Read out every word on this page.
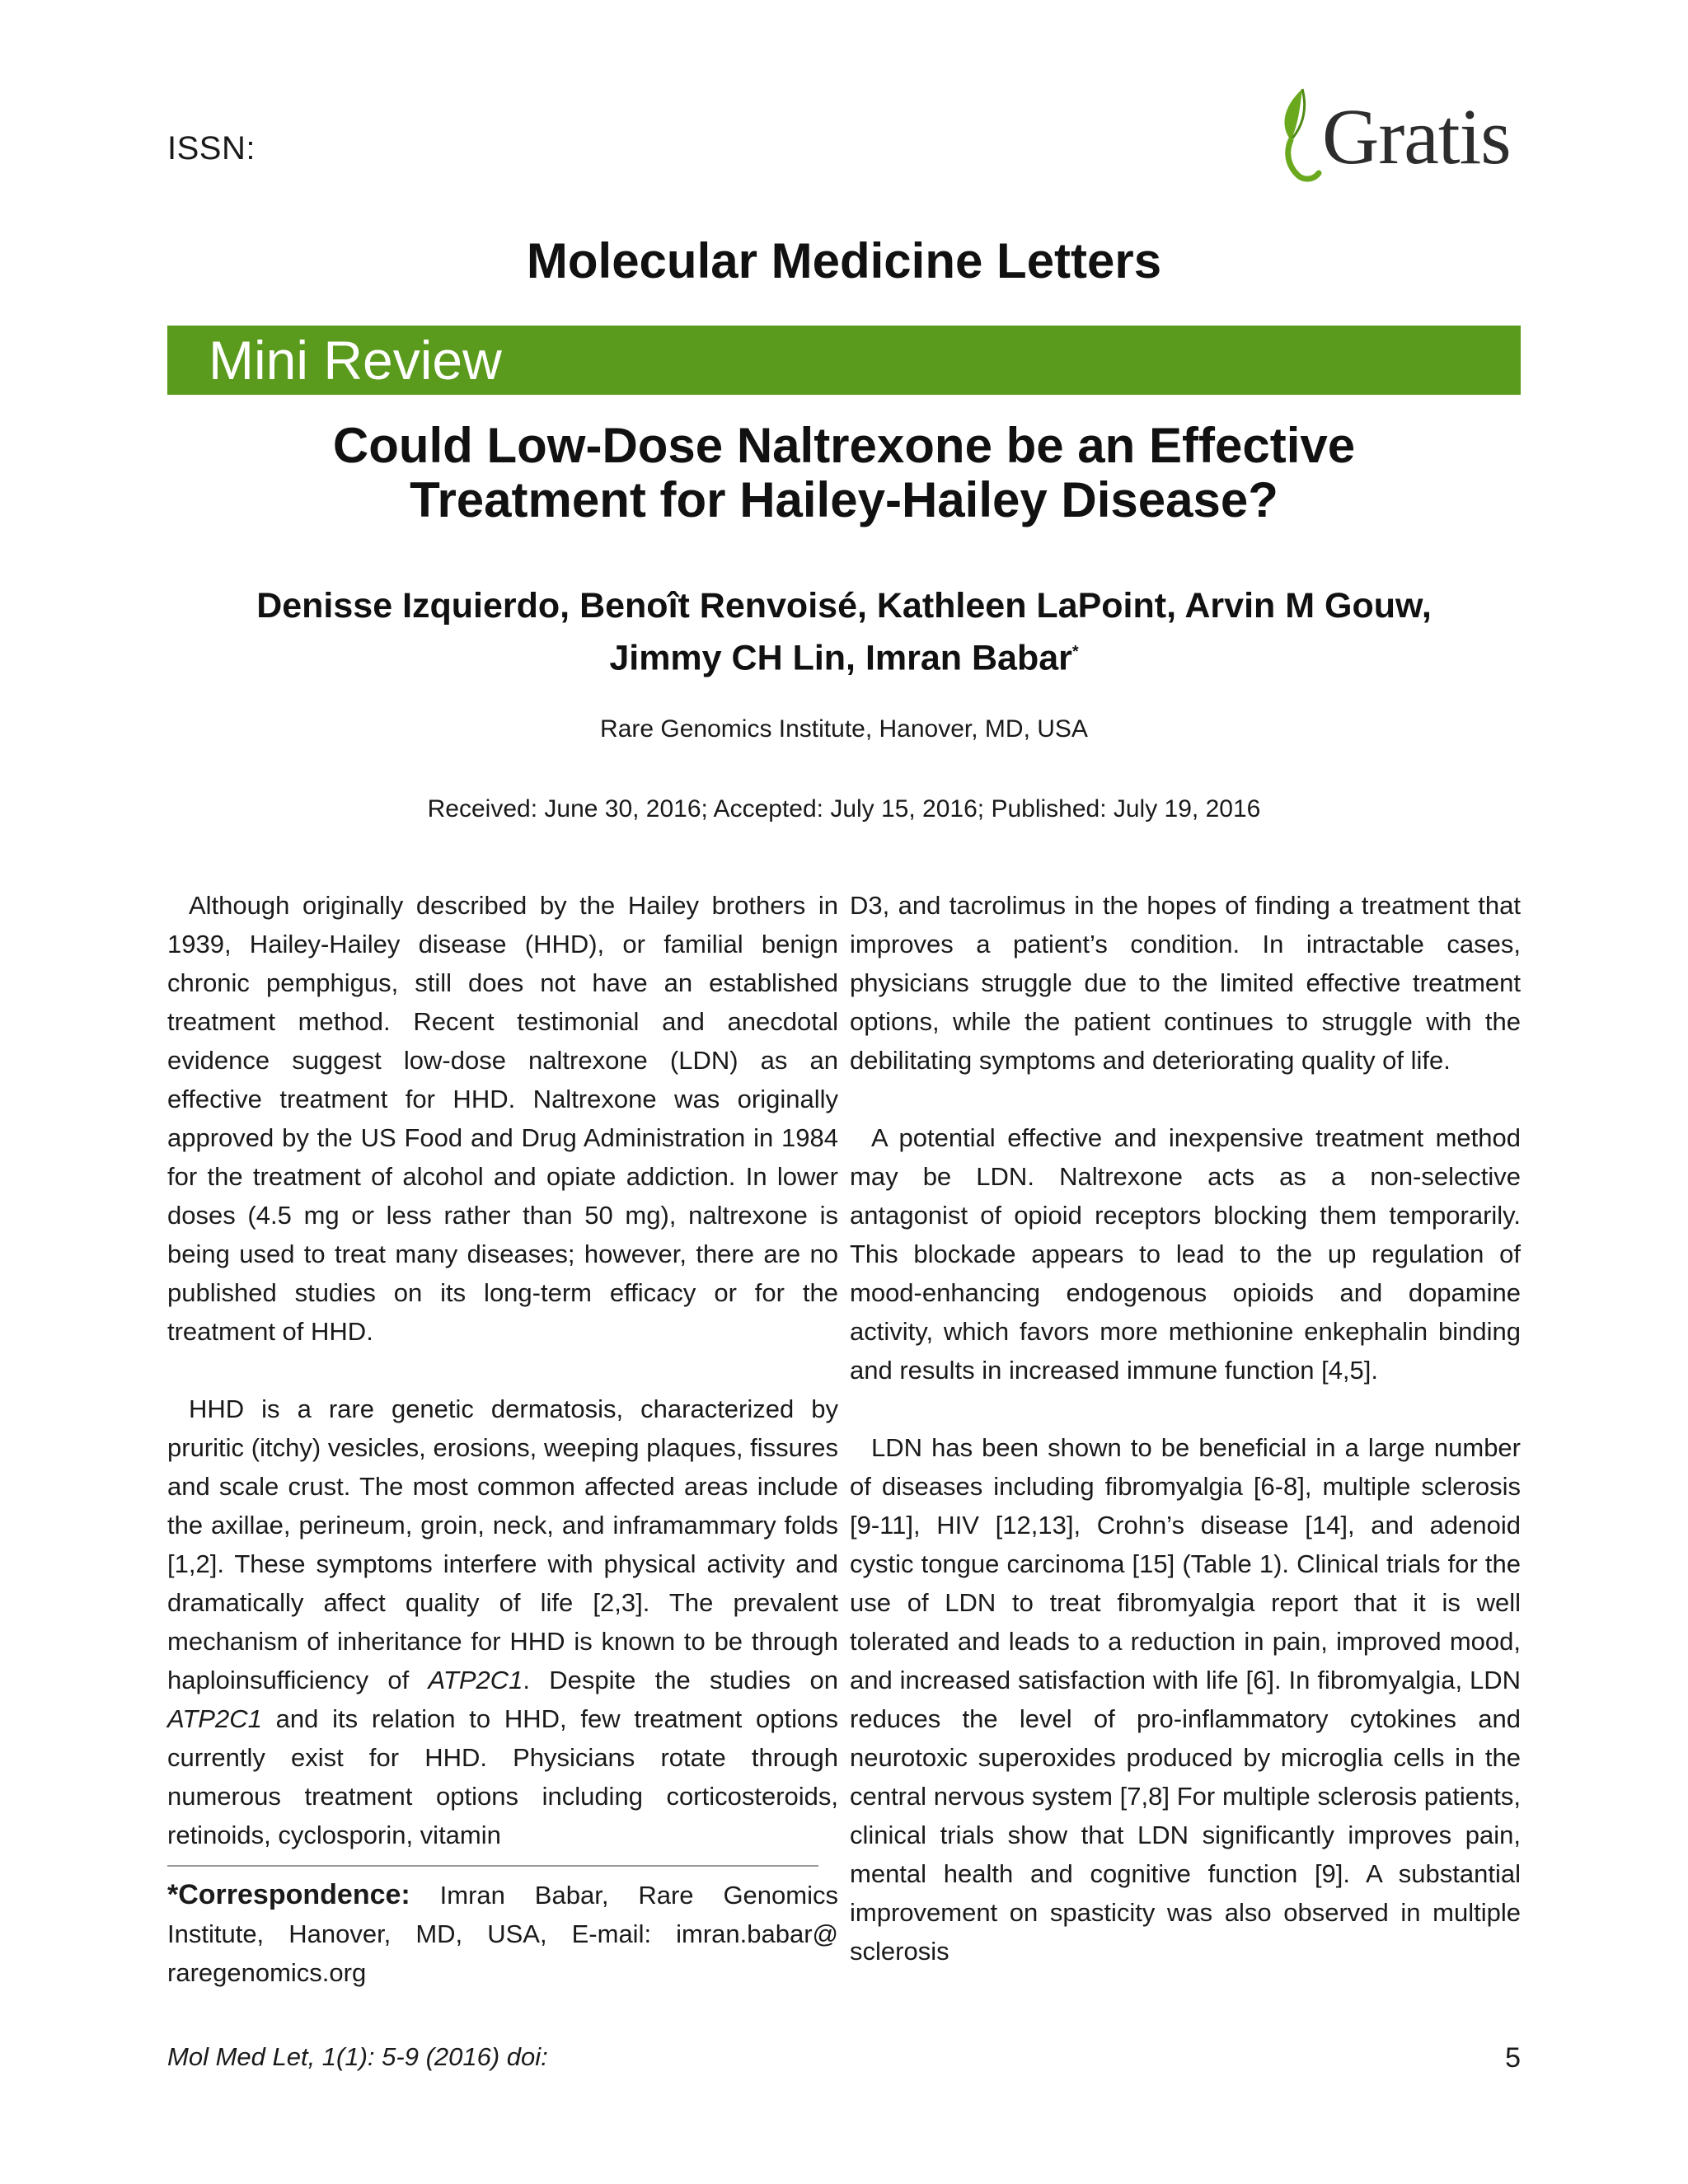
ISSN:	Gratis
Molecular Medicine Letters
Mini Review
Could Low-Dose Naltrexone be an Effective
Treatment for Hailey-Hailey Disease?
Denisse Izquierdo, Benoît Renvoisé, Kathleen LaPoint, Arvin M Gouw,
Jimmy CH Lin, Imran Babar*
Rare Genomics Institute, Hanover, MD, USA
Received: June 30, 2016; Accepted: July 15, 2016; Published: July 19, 2016

Although originally described by the Hailey brothers in 1939, Hailey-Hailey disease (HHD), or familial benign chronic pemphigus, still does not have an established treatment method. Recent testimonial and anecdotal evidence suggest low-dose naltrexone (LDN) as an effective treatment for HHD. Naltrexone was originally approved by the US Food and Drug Administration in 1984 for the treatment of alcohol and opiate addiction. In lower doses (4.5 mg or less rather than 50 mg), naltrexone is being used to treat many diseases; however, there are no published studies on its long-term efficacy or for the treatment of HHD.

HHD is a rare genetic dermatosis, characterized by pruritic (itchy) vesicles, erosions, weeping plaques, fissures and scale crust. The most common affected areas include the axillae, perineum, groin, neck, and inframammary folds [1,2]. These symptoms interfere with physical activity and dramatically affect quality of life [2,3]. The prevalent mechanism of inheritance for HHD is known to be through haploinsufficiency of ATP2C1. Despite the studies on ATP2C1 and its relation to HHD, few treatment options currently exist for HHD. Physicians rotate through numerous treatment options including corticosteroids, retinoids, cyclosporin, vitamin

D3, and tacrolimus in the hopes of finding a treatment that improves a patient’s condition. In intractable cases, physicians struggle due to the limited effective treatment options, while the patient continues to struggle with the debilitating symptoms and deteriorating quality of life.

A potential effective and inexpensive treatment method may be LDN. Naltrexone acts as a non-selective antagonist of opioid receptors blocking them temporarily. This blockade appears to lead to the up regulation of mood-enhancing endogenous opioids and dopamine activity, which favors more methionine enkephalin binding and results in increased immune function [4,5].

LDN has been shown to be beneficial in a large number of diseases including fibromyalgia [6-8], multiple sclerosis [9-11], HIV [12,13], Crohn’s disease [14], and adenoid cystic tongue carcinoma [15] (Table 1). Clinical trials for the use of LDN to treat fibromyalgia report that it is well tolerated and leads to a reduction in pain, improved mood, and increased satisfaction with life [6]. In fibromyalgia, LDN reduces the level of pro-inflammatory cytokines and neurotoxic superoxides produced by microglia cells in the central nervous system [7,8] For multiple sclerosis patients, clinical trials show that LDN significantly improves pain, mental health and cognitive function [9]. A substantial improvement on spasticity was also observed in multiple sclerosis

*Correspondence: Imran Babar, Rare Genomics Institute, Hanover, MD, USA, E-mail: imran.babar@ raregenomics.org
Mol Med Let, 1(1): 5-9 (2016) doi:	5
